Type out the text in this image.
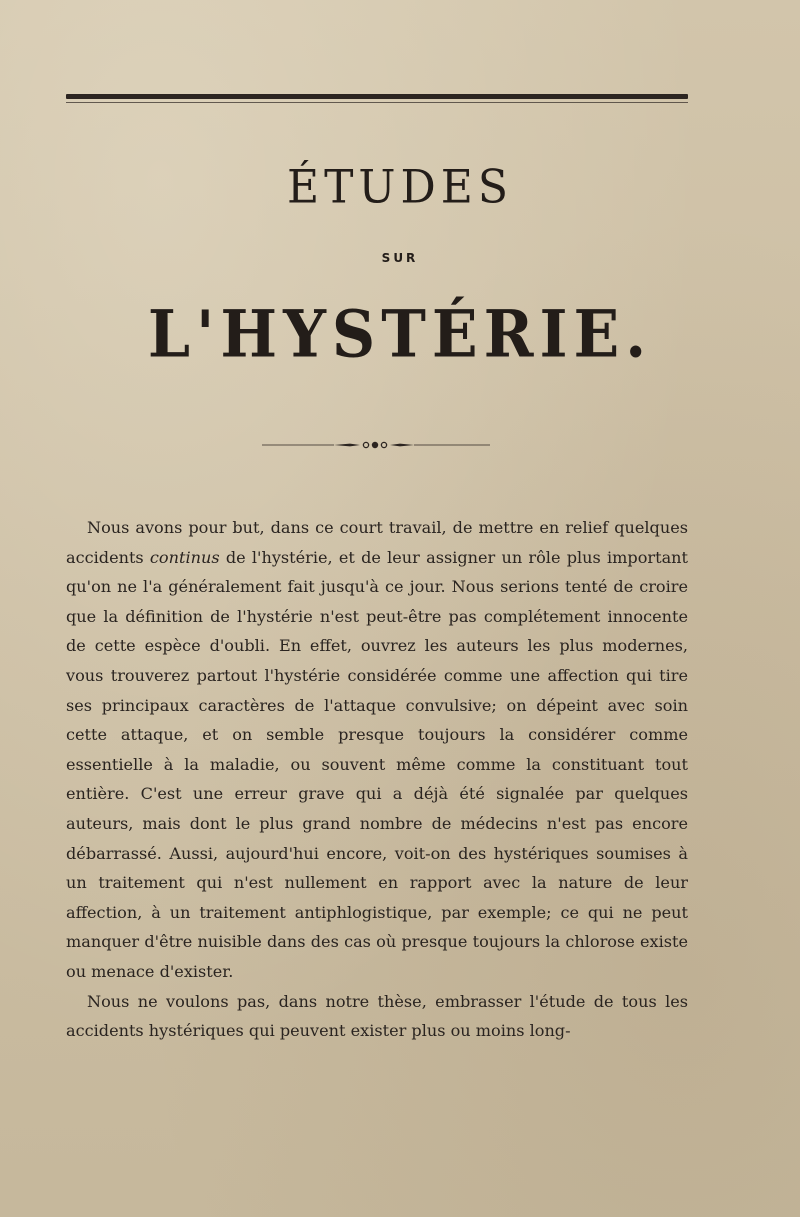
ÉTUDES
SUR
L'HYSTÉRIE.

Nous avons pour but, dans ce court travail, de mettre en relief quelques accidents continus de l'hystérie, et de leur assigner un rôle plus important qu'on ne l'a généralement fait jusqu'à ce jour. Nous serions tenté de croire que la définition de l'hystérie n'est peut-être pas complétement innocente de cette espèce d'oubli. En effet, ouvrez les auteurs les plus modernes, vous trouverez partout l'hystérie considérée comme une affection qui tire ses principaux caractères de l'attaque convulsive; on dépeint avec soin cette attaque, et on semble presque toujours la considérer comme essentielle à la maladie, ou souvent même comme la constituant tout entière. C'est une erreur grave qui a déjà été signalée par quelques auteurs, mais dont le plus grand nombre de médecins n'est pas encore débarrassé. Aussi, aujourd'hui encore, voit-on des hystériques soumises à un traitement qui n'est nullement en rapport avec la nature de leur affection, à un traitement antiphlogistique, par exemple; ce qui ne peut manquer d'être nuisible dans des cas où presque toujours la chlorose existe ou menace d'exister.

Nous ne voulons pas, dans notre thèse, embrasser l'étude de tous les accidents hystériques qui peuvent exister plus ou moins long-
